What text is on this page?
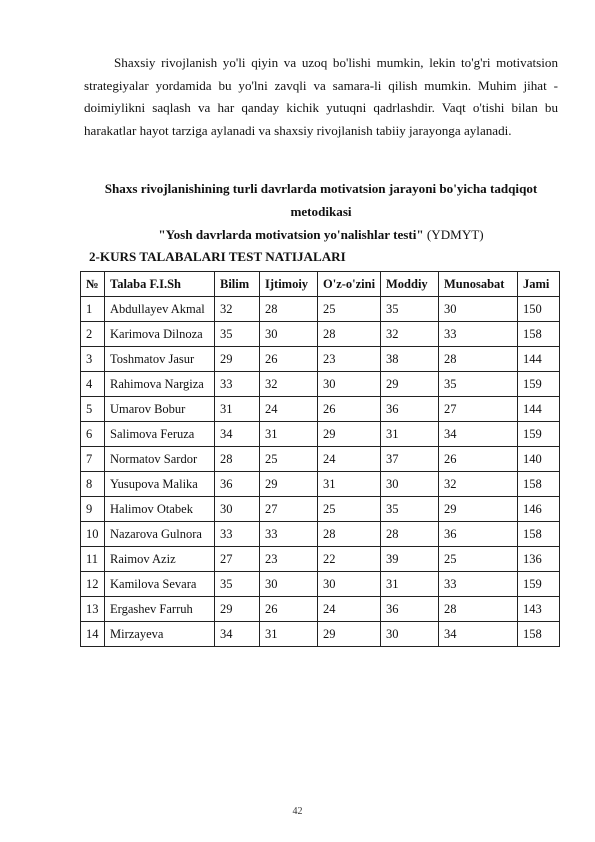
Shaxsiy rivojlanish yo'li qiyin va uzoq bo'lishi mumkin, lekin to'g'ri motivatsion strategiyalar yordamida bu yo'lni zavqli va samara-li qilish mumkin. Muhim jihat - doimiylikni saqlash va har qanday kichik yutuqni qadrlashdir. Vaqt o'tishi bilan bu harakatlar hayot tarziga aylanadi va shaxsiy rivojlanish tabiiy jarayonga aylanadi.

Shaxs rivojlanishining turli davrlarda motivatsion jarayoni bo'yicha tadqiqot metodikasi
"Yosh davrlarda motivatsion yo'nalishlar testi" (YDMYT)
2-KURS TALABALARI TEST NATIJALARI
№	Talaba F.I.Sh	Bilim	Ijtimoiy	O'z-o'zini	Moddiy	Munosabat	Jami
1	Abdullayev Akmal	32	28	25	35	30	150
2	Karimova Dilnoza	35	30	28	32	33	158
3	Toshmatov Jasur	29	26	23	38	28	144
4	Rahimova Nargiza	33	32	30	29	35	159
5	Umarov Bobur	31	24	26	36	27	144
6	Salimova Feruza	34	31	29	31	34	159
7	Normatov Sardor	28	25	24	37	26	140
8	Yusupova Malika	36	29	31	30	32	158
9	Halimov Otabek	30	27	25	35	29	146
10	Nazarova Gulnora	33	33	28	28	36	158
11	Raimov Aziz	27	23	22	39	25	136
12	Kamilova Sevara	35	30	30	31	33	159
13	Ergashev Farruh	29	26	24	36	28	143
14	Mirzayeva	34	31	29	30	34	158
42
